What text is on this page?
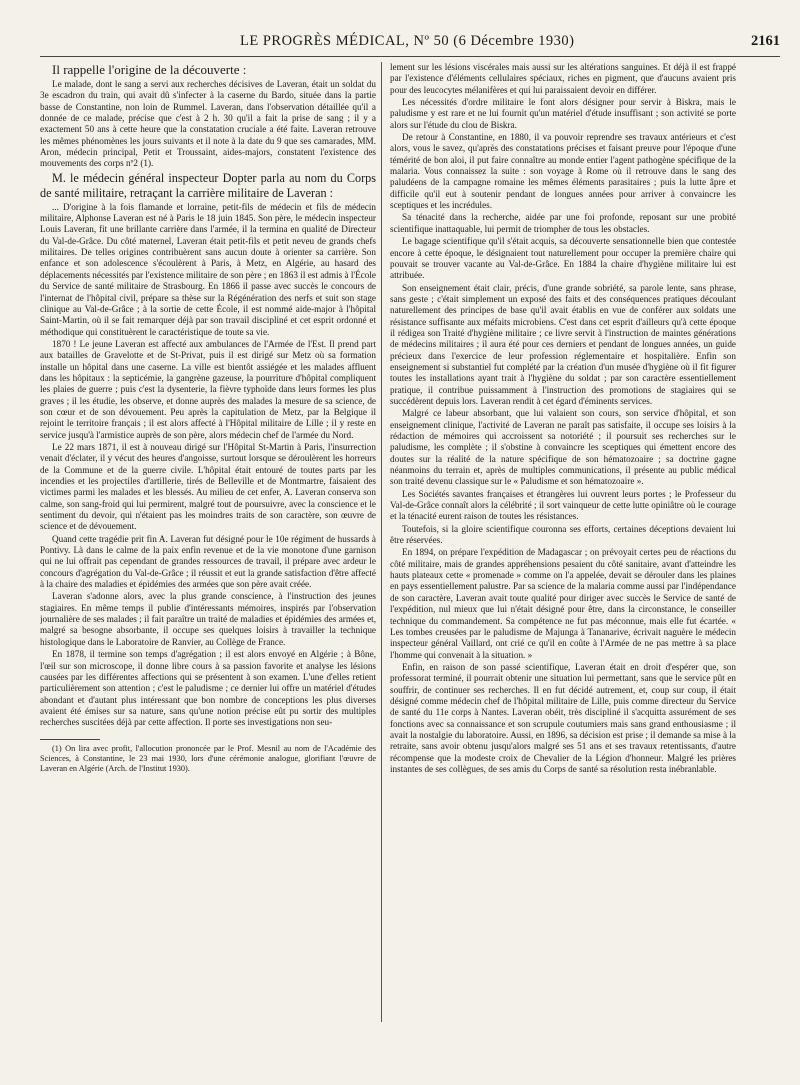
LE PROGRÈS MÉDICAL, Nº 50 (6 Décembre 1930)	2161

Il rappelle l'origine de la découverte :

Le malade, dont le sang a servi aux recherches décisives de Laveran, était un soldat du 3e escadron du train, qui avait dû s'infecter à la caserne du Bardo, située dans la partie basse de Constantine, non loin de Rummel. Laveran, dans l'observation détaillée qu'il a donnée de ce malade, précise que c'est à 2 h. 30 qu'il a fait la prise de sang ; il y a exactement 50 ans à cette heure que la constatation cruciale a été faite. Laveran retrouve les mêmes phénomènes les jours suivants et il note à la date du 9 que ses camarades, MM. Aron, médecin principal, Petit et Troussaint, aides-majors, constatent l'existence des mouvements des corps nº2 (1).

M. le médecin général inspecteur Dopter parla au nom du Corps de santé militaire, retraçant la carrière militaire de Laveran :

... D'origine à la fois flamande et lorraine, petit-fils de médecin et fils de médecin militaire, Alphonse Laveran est né à Paris le 18 juin 1845. Son père, le médecin inspecteur Louis Laveran, fit une brillante carrière dans l'armée, il la termina en qualité de Directeur du Val-de-Grâce. Du côté maternel, Laveran était petit-fils et petit neveu de grands chefs militaires. De telles origines contribuèrent sans aucun doute à orienter sa carrière. Son enfance et son adolescence s'écoulèrent à Paris, à Metz, en Algérie, au hasard des déplacements nécessités par l'existence militaire de son père ; en 1863 il est admis à l'École du Service de santé militaire de Strasbourg. En 1866 il passe avec succès le concours de l'internat de l'hôpital civil, prépare sa thèse sur la Régénération des nerfs et suit son stage clinique au Val-de-Grâce ; à la sortie de cette École, il est nommé aide-major à l'hôpital Saint-Martin, où il se fait remarquer déjà par son travail discipliné et cet esprit ordonné et méthodique qui constituèrent le caractéristique de toute sa vie.

1870 ! Le jeune Laveran est affecté aux ambulances de l'Armée de l'Est. Il prend part aux batailles de Gravelotte et de St-Privat, puis il est dirigé sur Metz où sa formation installe un hôpital dans une caserne. La ville est bientôt assiégée et les malades affluent dans les hôpitaux : la septicémie, la gangrène gazeuse, la pourriture d'hôpital compliquent les plaies de guerre ; puis c'est la dysenterie, la fièvre typhoïde dans leurs formes les plus graves ; il les étudie, les observe, et donne auprès des malades la mesure de sa science, de son cœur et de son dévouement. Peu après la capitulation de Metz, par la Belgique il rejoint le territoire français ; il est alors affecté à l'Hôpital militaire de Lille ; il y reste en service jusqu'à l'armistice auprès de son père, alors médecin chef de l'armée du Nord.

Le 22 mars 1871, il est à nouveau dirigé sur l'Hôpital St-Martin à Paris, l'insurrection venait d'éclater, il y vécut des heures d'angoisse, surtout lorsque se déroulèrent les horreurs de la Commune et de la guerre civile. L'hôpital était entouré de toutes parts par les incendies et les projectiles d'artillerie, tirés de Belleville et de Montmartre, faisaient des victimes parmi les malades et les blessés. Au milieu de cet enfer, A. Laveran conserva son calme, son sang-froid qui lui permirent, malgré tout de poursuivre, avec la conscience et le sentiment du devoir, qui n'étaient pas les moindres traits de son caractère, son œuvre de science et de dévouement.

Quand cette tragédie prit fin A. Laveran fut désigné pour le 10e régiment de hussards à Pontivy. Là dans le calme de la paix enfin revenue et de la vie monotone d'une garnison qui ne lui offrait pas cependant de grandes ressources de travail, il prépare avec ardeur le concours d'agrégation du Val-de-Grâce ; il réussit et eut la grande satisfaction d'être affecté à la chaire des maladies et épidémies des armées que son père avait créée.

Laveran s'adonne alors, avec la plus grande conscience, à l'instruction des jeunes stagiaires. En même temps il publie d'intéressants mémoires, inspirés par l'observation journalière de ses malades ; il fait paraître un traité de maladies et épidémies des armées et, malgré sa besogne absorbante, il occupe ses quelques loisirs à travailler la technique histologique dans le Laboratoire de Ranvier, au Collège de France.

En 1878, il termine son temps d'agrégation ; il est alors envoyé en Algérie ; à Bône, l'œil sur son microscope, il donne libre cours à sa passion favorite et analyse les lésions causées par les différentes affections qui se présentent à son examen. L'une d'elles retient particulièrement son attention ; c'est le paludisme ; ce dernier lui offre un matériel d'études abondant et d'autant plus intéressant que bon nombre de conceptions les plus diverses avaient été émises sur sa nature, sans qu'une notion précise eût pu sortir des multiples recherches suscitées déjà par cette affection. Il porte ses investigations non seu-

(1) On lira avec profit, l'allocution prononcée par le Prof. Mesnil au nom de l'Académie des Sciences, à Constantine, le 23 mai 1930, lors d'une cérémonie analogue, glorifiant l'œuvre de Laveran en Algérie (Arch. de l'Institut 1930).

lement sur les lésions viscérales mais aussi sur les altérations sanguines. Et déjà il est frappé par l'existence d'éléments cellulaires spéciaux, riches en pigment, que d'aucuns avaient pris pour des leucocytes mélanifères et qui lui paraissaient devoir en différer.

Les nécessités d'ordre militaire le font alors désigner pour servir à Biskra, mais le paludisme y est rare et ne lui fournit qu'un matériel d'étude insuffisant ; son activité se porte alors sur l'étude du clou de Biskra.

De retour à Constantine, en 1880, il va pouvoir reprendre ses travaux antérieurs et c'est alors, vous le savez, qu'après des constatations précises et faisant preuve pour l'époque d'une témérité de bon aloi, il put faire connaître au monde entier l'agent pathogène spécifique de la malaria. Vous connaissez la suite : son voyage à Rome où il retrouve dans le sang des paludéens de la campagne romaine les mêmes éléments parasitaires ; puis la lutte âpre et difficile qu'il eut à soutenir pendant de longues années pour arriver à convaincre les sceptiques et les incrédules.

Sa ténacité dans la recherche, aidée par une foi profonde, reposant sur une probité scientifique inattaquable, lui permit de triompher de tous les obstacles.

Le bagage scientifique qu'il s'était acquis, sa découverte sensationnelle bien que contestée encore à cette époque, le désignaient tout naturellement pour occuper la première chaire qui pouvait se trouver vacante au Val-de-Grâce. En 1884 la chaire d'hygiène militaire lui est attribuée.

Son enseignement était clair, précis, d'une grande sobriété, sa parole lente, sans phrase, sans geste ; c'était simplement un exposé des faits et des conséquences pratiques découlant naturellement des principes de base qu'il avait établis en vue de conférer aux soldats une résistance suffisante aux méfaits microbiens. C'est dans cet esprit d'ailleurs qu'à cette époque il rédigea son Traité d'hygiène militaire ; ce livre servit à l'instruction de maintes générations de médecins militaires ; il aura été pour ces derniers et pendant de longues années, un guide précieux dans l'exercice de leur profession réglementaire et hospitalière. Enfin son enseignement si substantiel fut complété par la création d'un musée d'hygiène où il fit figurer toutes les installations ayant trait à l'hygiène du soldat ; par son caractère essentiellement pratique, il contribue puissamment à l'instruction des promotions de stagiaires qui se succédèrent depuis lors. Laveran rendit à cet égard d'éminents services.

Malgré ce labeur absorbant, que lui valaient son cours, son service d'hôpital, et son enseignement clinique, l'activité de Laveran ne paraît pas satisfaite, il occupe ses loisirs à la rédaction de mémoires qui accroissent sa notoriété ; il poursuit ses recherches sur le paludisme, les complète ; il s'obstine à convaincre les sceptiques qui émettent encore des doutes sur la réalité de la nature spécifique de son hématozoaire ; sa doctrine gagne néanmoins du terrain et, après de multiples communications, il présente au public médical son traité devenu classique sur le « Paludisme et son hématozoaire ».

Les Sociétés savantes françaises et étrangères lui ouvrent leurs portes ; le Professeur du Val-de-Grâce connaît alors la célébrité ; il sort vainqueur de cette lutte opiniâtre où le courage et la ténacité eurent raison de toutes les résistances.

Toutefois, si la gloire scientifique couronna ses efforts, certaines déceptions devaient lui être réservées.

En 1894, on prépare l'expédition de Madagascar ; on prévoyait certes peu de réactions du côté militaire, mais de grandes appréhensions pesaient du côté sanitaire, avant d'atteindre les hauts plateaux cette « promenade » comme on l'a appelée, devait se dérouler dans les plaines en pays essentiellement palustre. Par sa science de la malaria comme aussi par l'indépendance de son caractère, Laveran avait toute qualité pour diriger avec succès le Service de santé de l'expédition, nul mieux que lui n'était désigné pour être, dans la circonstance, le conseiller technique du commandement. Sa compétence ne fut pas méconnue, mais elle fut écartée. « Les tombes creusées par le paludisme de Majunga à Tananarive, écrivait naguère le médecin inspecteur général Vaillard, ont crié ce qu'il en coûte à l'Armée de ne pas mettre à sa place l'homme qui convenait à la situation. »

Enfin, en raison de son passé scientifique, Laveran était en droit d'espérer que, son professorat terminé, il pourrait obtenir une situation lui permettant, sans que le service pût en souffrir, de continuer ses recherches. Il en fut décidé autrement, et, coup sur coup, il était désigné comme médecin chef de l'hôpital militaire de Lille, puis comme directeur du Service de santé du 11e corps à Nantes. Laveran obéit, très discipliné il s'acquitta assurément de ses fonctions avec sa connaissance et son scrupule coutumiers mais sans grand enthousiasme ; il avait la nostalgie du laboratoire. Aussi, en 1896, sa décision est prise ; il demande sa mise à la retraite, sans avoir obtenu jusqu'alors malgré ses 51 ans et ses travaux retentissants, d'autre récompense que la modeste croix de Chevalier de la Légion d'honneur. Malgré les prières instantes de ses collègues, de ses amis du Corps de santé sa résolution resta inébranlable.
